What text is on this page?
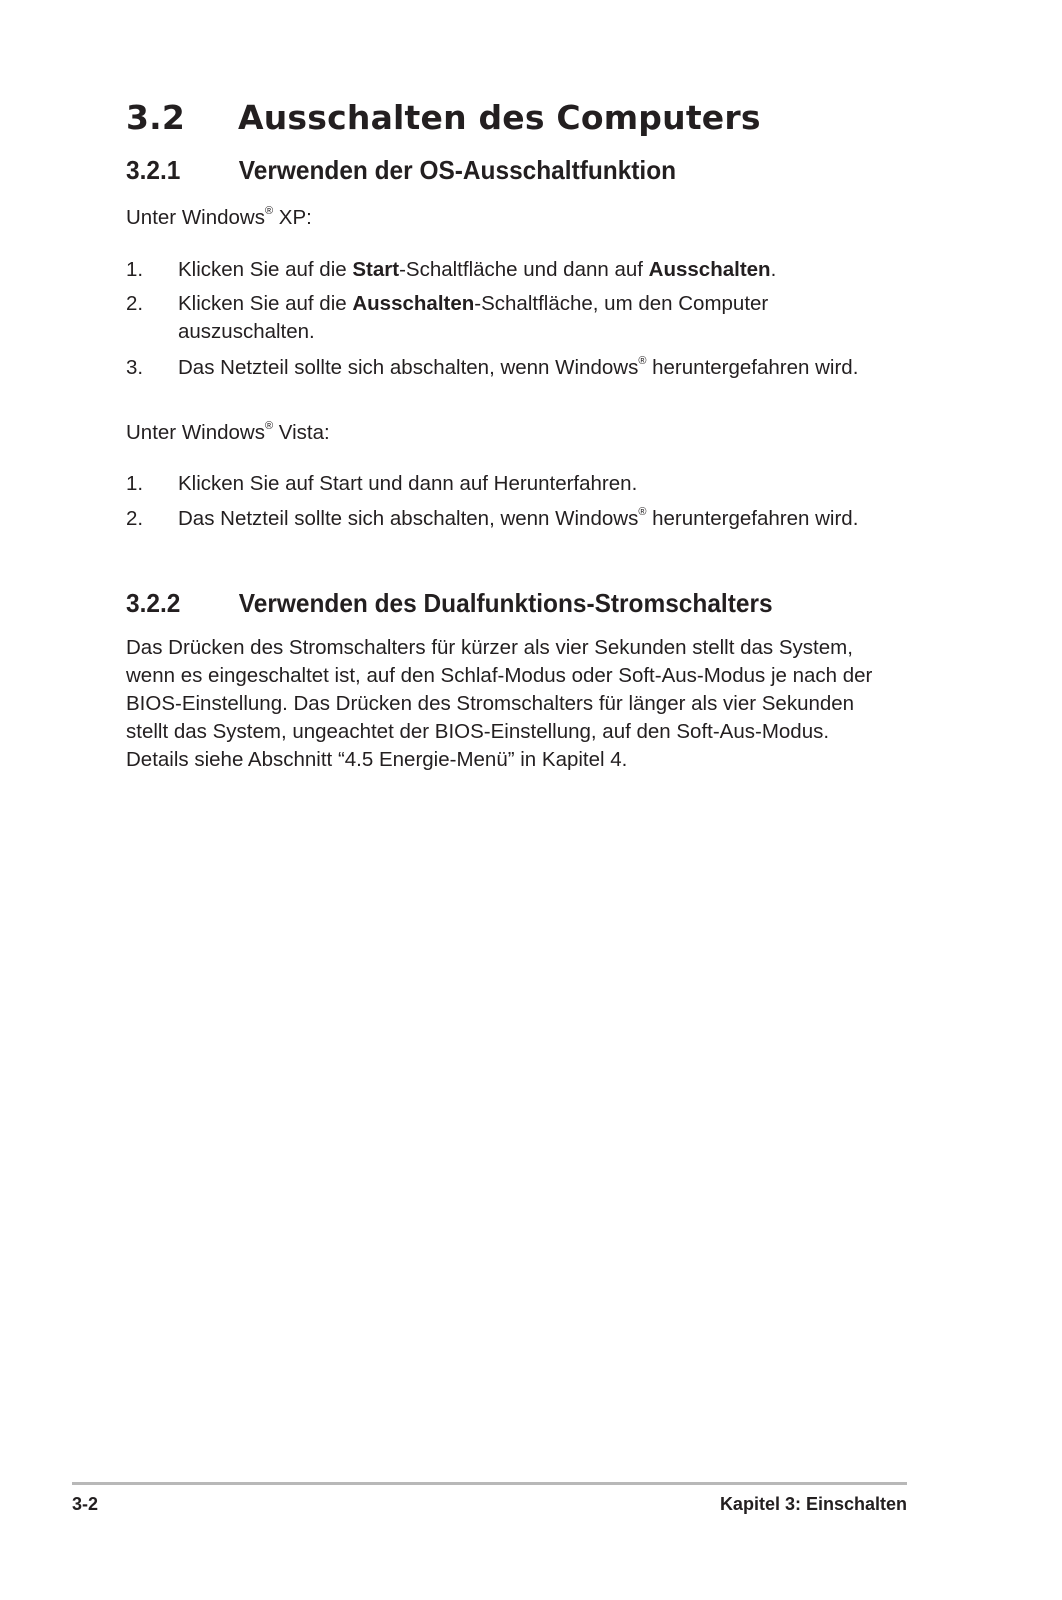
3.2 Ausschalten des Computers
3.2.1 Verwenden der OS-Ausschaltfunktion

Unter Windows® XP:

1. Klicken Sie auf die Start-Schaltfläche und dann auf Ausschalten.
2. Klicken Sie auf die Ausschalten-Schaltfläche, um den Computer
auszuschalten.
3. Das Netzteil sollte sich abschalten, wenn Windows® heruntergefahren wird.

Unter Windows® Vista:

1. Klicken Sie auf Start und dann auf Herunterfahren.
2. Das Netzteil sollte sich abschalten, wenn Windows® heruntergefahren wird.
3.2.2 Verwenden des Dualfunktions-Stromschalters
Das Drücken des Stromschalters für kürzer als vier Sekunden stellt das System,
wenn es eingeschaltet ist, auf den Schlaf-Modus oder Soft-Aus-Modus je nach der
BIOS-Einstellung. Das Drücken des Stromschalters für länger als vier Sekunden
stellt das System, ungeachtet der BIOS-Einstellung, auf den Soft-Aus-Modus.
Details siehe Abschnitt “4.5 Energie-Menü” in Kapitel 4.
3-2	Kapitel 3: Einschalten
